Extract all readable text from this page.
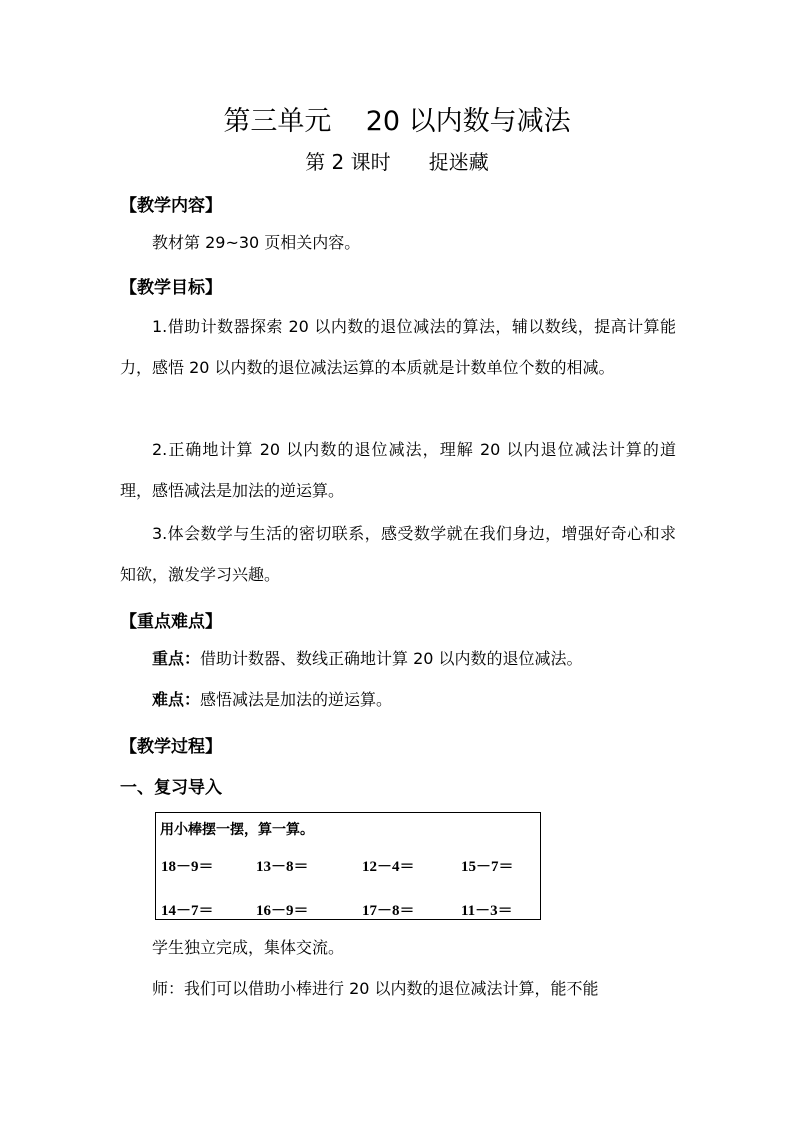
第三单元    20 以内数与减法
第 2 课时      捉迷藏
【教学内容】
教材第 29~30 页相关内容。
【教学目标】
1.借助计数器探索 20 以内数的退位减法的算法，辅以数线，提高计算能力，感悟 20 以内数的退位减法运算的本质就是计数单位个数的相减。
2.正确地计算 20 以内数的退位减法，理解 20 以内退位减法计算的道理，感悟减法是加法的逆运算。
3.体会数学与生活的密切联系，感受数学就在我们身边，增强好奇心和求知欲，激发学习兴趣。
【重点难点】
重点：借助计数器、数线正确地计算 20 以内数的退位减法。
难点：感悟减法是加法的逆运算。
【教学过程】
一、复习导入
用小棒摆一摆，算一算。
18－9＝	13－8＝	12－4＝	15－7＝
14－7＝	16－9＝	17－8＝	11－3＝
学生独立完成，集体交流。
师：我们可以借助小棒进行 20 以内数的退位减法计算，能不能
